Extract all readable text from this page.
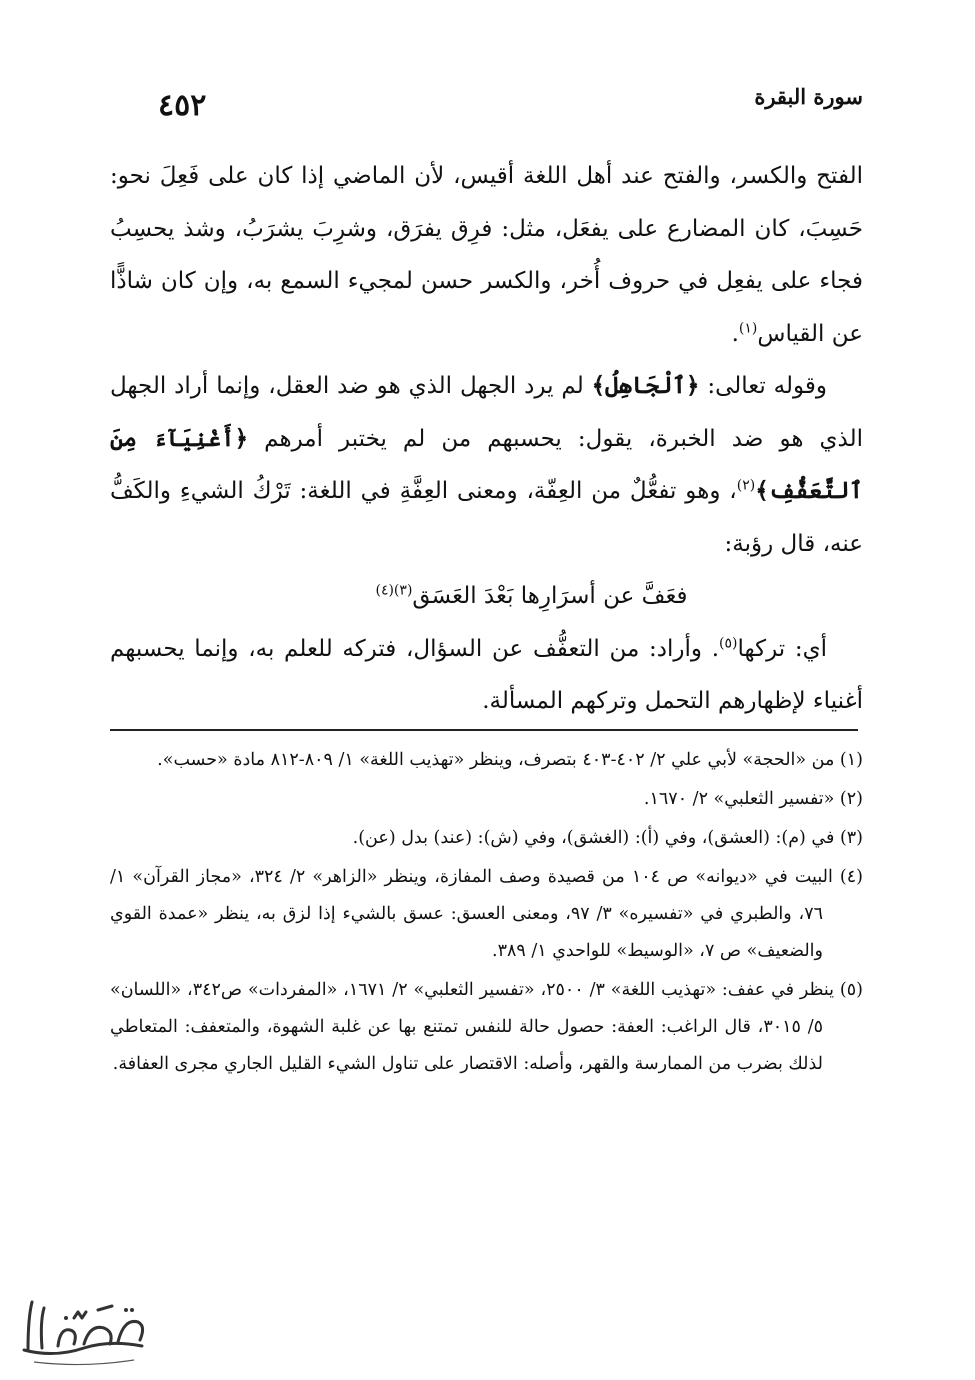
٤٥٢	سورة البقرة

الفتح والكسر، والفتح عند أهل اللغة أقيس، لأن الماضي إذا كان على فَعِلَ نحو: حَسِبَ، كان المضارع على يفعَل، مثل: فرِق يفرَق، وشرِبَ يشرَبُ، وشذ يحسِبُ فجاء على يفعِل في حروف أُخر، والكسر حسن لمجيء السمع به، وإن كان شاذًّا عن القياس$^{(١)}$.

وقوله تعالى: ﴿ٱلْجَاهِلُ﴾ لم يرد الجهل الذي هو ضد العقل، وإنما أراد الجهل الذي هو ضد الخبرة، يقول: يحسبهم من لم يختبر أمرهم ﴿أَغْنِيَآءَ مِنَ ٱلتَّعَفُّفِ﴾$^{(٢)}$، وهو تفعُّلٌ من العِفّة، ومعنى العِفَّةِ في اللغة: تَرْكُ الشيءِ والكَفُّ عنه، قال رؤبة:

فعَفَّ عن أسرَارِها بَعْدَ العَسَق$^{(٣)(٤)}$

أي: تركها$^{(٥)}$. وأراد: من التعفُّف عن السؤال، فتركه للعلم به، وإنما يحسبهم أغنياء لإظهارهم التحمل وتركهم المسألة.

(١) من «الحجة» لأبي علي ٢/ ٤٠٢-٤٠٣ بتصرف، وينظر «تهذيب اللغة» ١/ ٨٠٩-٨١٢ مادة «حسب».

(٢) «تفسير الثعلبي» ٢/ ١٦٧٠.

(٣) في (م): (العشق)، وفي (أ): (الغشق)، وفي (ش): (عند) بدل (عن).

(٤) البيت في «ديوانه» ص ١٠٤ من قصيدة وصف المفازة، وينظر «الزاهر» ٢/ ٣٢٤، «مجاز القرآن» ١/ ٧٦، والطبري في «تفسيره» ٣/ ٩٧، ومعنى العسق: عسق بالشيء إذا لزق به، ينظر «عمدة القوي والضعيف» ص ٧، «الوسيط» للواحدي ١/ ٣٨٩.

(٥) ينظر في عفف: «تهذيب اللغة» ٣/ ٢٥٠٠، «تفسير الثعلبي» ٢/ ١٦٧١، «المفردات» ص٣٤٢، «اللسان» ٥/ ٣٠١٥، قال الراغب: العفة: حصول حالة للنفس تمتنع بها عن غلبة الشهوة، والمتعفف: المتعاطي لذلك بضرب من الممارسة والقهر، وأصله: الاقتصار على تناول الشيء القليل الجاري مجرى العفافة.
